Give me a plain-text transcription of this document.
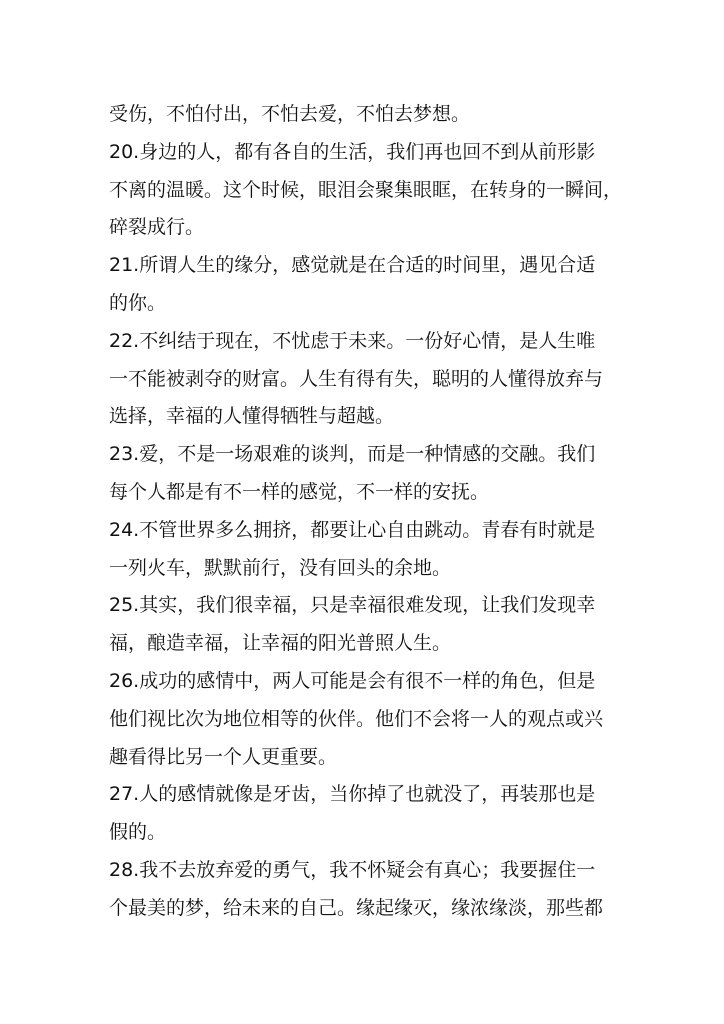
受伤，不怕付出，不怕去爱，不怕去梦想。
20.身边的人，都有各自的生活，我们再也回不到从前形影
不离的温暖。这个时候，眼泪会聚集眼眶，在转身的一瞬间，
碎裂成行。
21.所谓人生的缘分，感觉就是在合适的时间里，遇见合适
的你。
22.不纠结于现在，不忧虑于未来。一份好心情，是人生唯
一不能被剥夺的财富。人生有得有失，聪明的人懂得放弃与
选择，幸福的人懂得牺牲与超越。
23.爱，不是一场艰难的谈判，而是一种情感的交融。我们
每个人都是有不一样的感觉，不一样的安抚。
24.不管世界多么拥挤，都要让心自由跳动。青春有时就是
一列火车，默默前行，没有回头的余地。
25.其实，我们很幸福，只是幸福很难发现，让我们发现幸
福，酿造幸福，让幸福的阳光普照人生。
26.成功的感情中，两人可能是会有很不一样的角色，但是
他们视比次为地位相等的伙伴。他们不会将一人的观点或兴
趣看得比另一个人更重要。
27.人的感情就像是牙齿，当你掉了也就没了，再装那也是
假的。
28.我不去放弃爱的勇气，我不怀疑会有真心；我要握住一
个最美的梦，给未来的自己。缘起缘灭，缘浓缘淡，那些都
